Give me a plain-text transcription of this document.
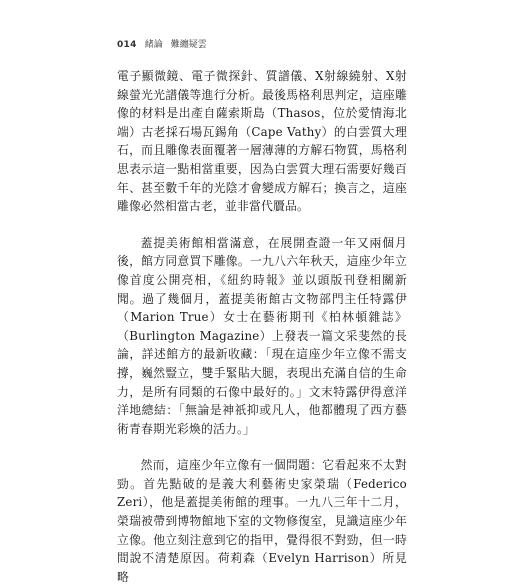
014 緒論 難纏疑雲

電子顯微鏡、電子微探針、質譜儀、X射線繞射、X射線螢光光譜儀等進行分析。最後馬格利思判定，這座雕像的材料是出產自薩索斯島（Thasos，位於愛情海北端）古老採石場瓦錫角（Cape Vathy）的白雲質大理石，而且雕像表面覆著一層薄薄的方解石物質，馬格利思表示這一點相當重要，因為白雲質大理石需要好幾百年、甚至數千年的光陰才會變成方解石；換言之，這座雕像必然相當古老，並非當代贗品。

蓋提美術館相當滿意，在展開查證一年又兩個月後，館方同意買下雕像。一九八六年秋天，這座少年立像首度公開亮相，《紐約時報》並以頭版刊登相關新聞。過了幾個月，蓋提美術館古文物部門主任特露伊（Marion True）女士在藝術期刊《柏林頓雜誌》（Burlington Magazine）上發表一篇文采斐然的長論，詳述館方的最新收藏：「現在這座少年立像不需支撐，巍然豎立，雙手緊貼大腿，表現出充滿自信的生命力，是所有同類的石像中最好的。」文末特露伊得意洋洋地總結：「無論是神祇抑或凡人，他都體現了西方藝術青春期光彩煥的活力。」

然而，這座少年立像有一個問題：它看起來不太對勁。首先點破的是義大利藝術史家榮瑞（Federico Zeri），他是蓋提美術館的理事。一九八三年十二月，榮瑞被帶到博物館地下室的文物修復室，見識這座少年立像。他立刻注意到它的指甲，覺得很不對勁，但一時間說不清楚原因。荷莉森（Evelyn Harrison）所見略
